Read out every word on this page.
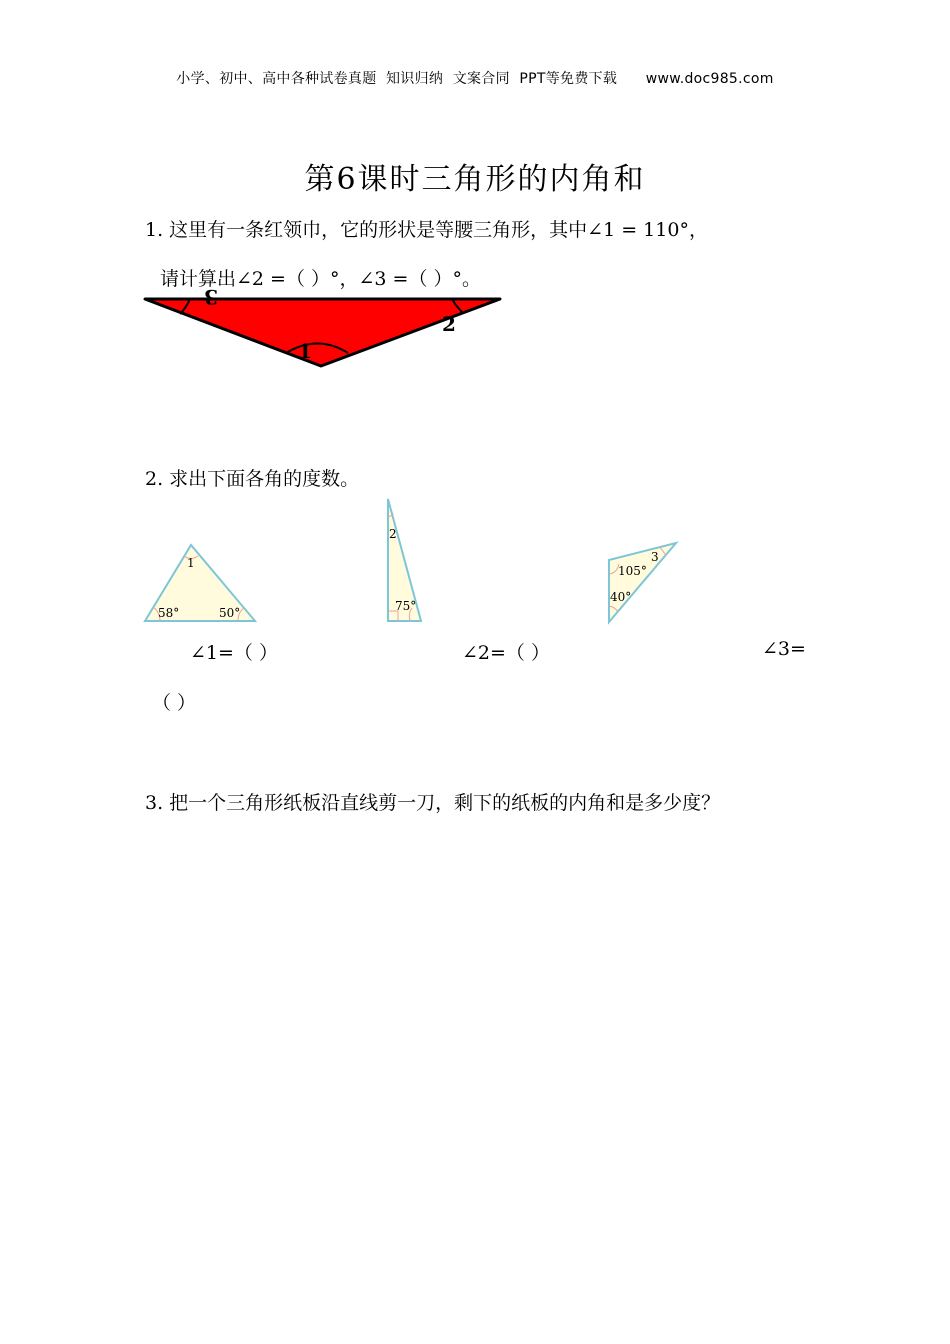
小学、初中、高中各种试卷真题  知识归纳  文案合同  PPT等免费下载 www.doc985.com
第6课时三角形的内角和
1. 这里有一条红领巾，它的形状是等腰三角形，其中∠1 = 110°，
请计算出∠2 =（ ）°，∠3 =（ ）°。
3
2
1
1
58°	50°
2
75°
3
105°
40°
2. 求出下面各角的度数。
∠1=（ ）	∠2=（ ）	∠3=
（ ）
3. 把一个三角形纸板沿直线剪一刀，剩下的纸板的内角和是多少度？
